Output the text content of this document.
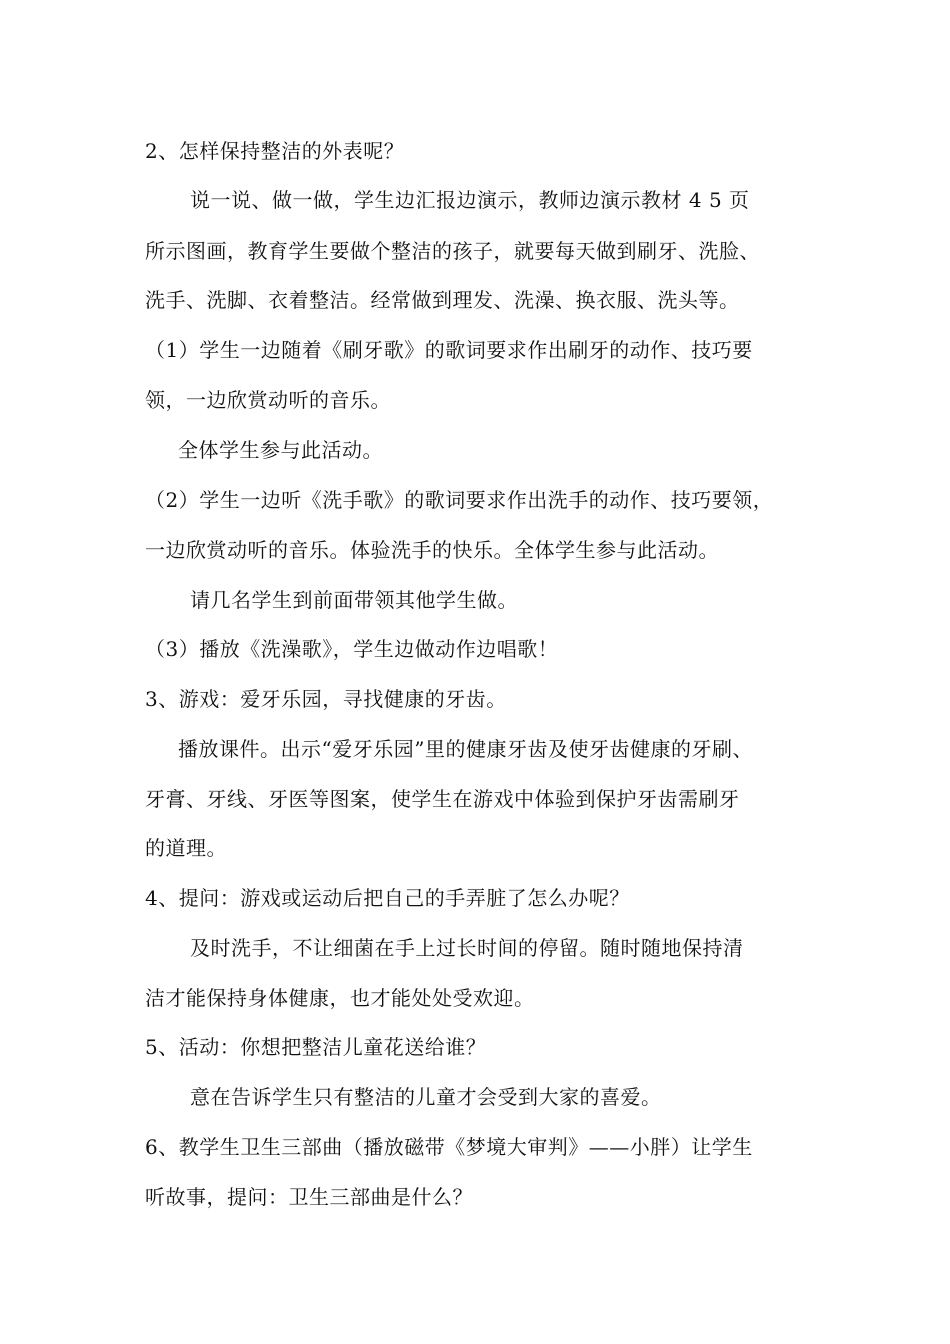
2、怎样保持整洁的外表呢？
说一说、做一做，学生边汇报边演示，教师边演示教材 4 5 页
所示图画，教育学生要做个整洁的孩子，就要每天做到刷牙、洗脸、
洗手、洗脚、衣着整洁。经常做到理发、洗澡、换衣服、洗头等。
（1）学生一边随着《刷牙歌》的歌词要求作出刷牙的动作、技巧要
领，一边欣赏动听的音乐。
全体学生参与此活动。
（2）学生一边听《洗手歌》的歌词要求作出洗手的动作、技巧要领，
一边欣赏动听的音乐。体验洗手的快乐。全体学生参与此活动。
请几名学生到前面带领其他学生做。
（3）播放《洗澡歌》，学生边做动作边唱歌！
3、游戏：爱牙乐园，寻找健康的牙齿。
播放课件。出示“爱牙乐园”里的健康牙齿及使牙齿健康的牙刷、
牙膏、牙线、牙医等图案，使学生在游戏中体验到保护牙齿需刷牙
的道理。
4、提问：游戏或运动后把自己的手弄脏了怎么办呢？
及时洗手，不让细菌在手上过长时间的停留。随时随地保持清
洁才能保持身体健康，也才能处处受欢迎。
5、活动：你想把整洁儿童花送给谁？
意在告诉学生只有整洁的儿童才会受到大家的喜爱。
6、教学生卫生三部曲（播放磁带《梦境大审判》——小胖）让学生
听故事，提问：卫生三部曲是什么？
